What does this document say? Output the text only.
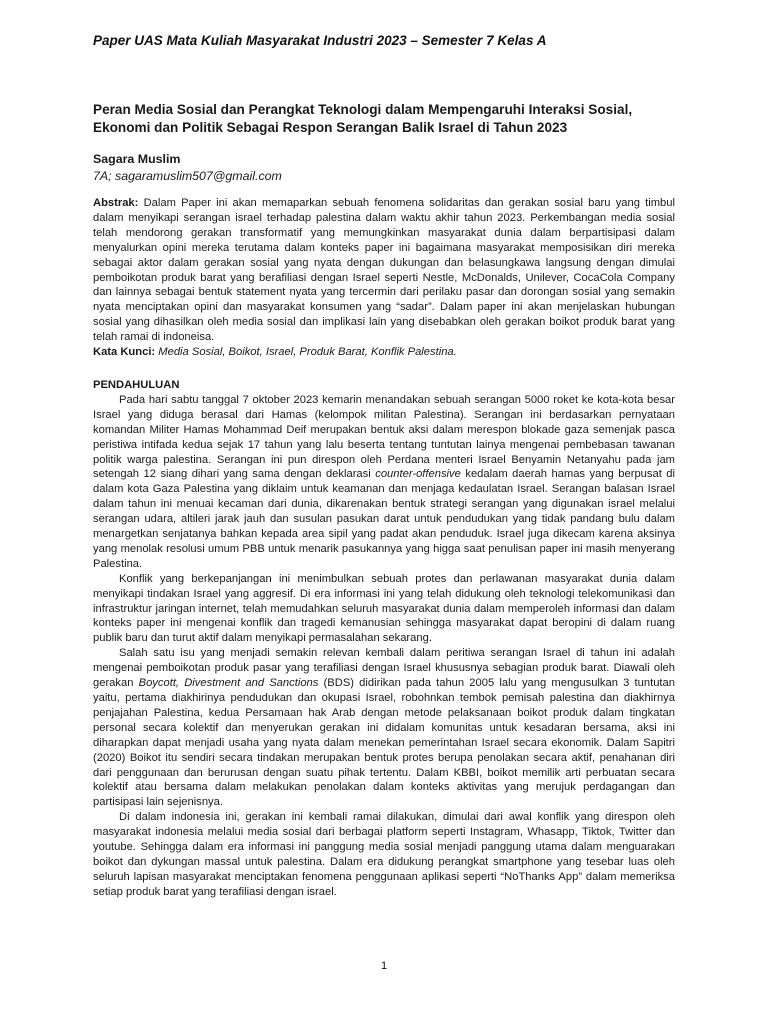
Paper UAS Mata Kuliah Masyarakat Industri 2023 – Semester 7 Kelas A
Peran Media Sosial dan Perangkat Teknologi dalam Mempengaruhi Interaksi Sosial,
Ekonomi dan Politik Sebagai Respon Serangan Balik Israel di Tahun 2023
Sagara Muslim
7A; sagaramuslim507@gmail.com

Abstrak: Dalam Paper ini akan memaparkan sebuah fenomena solidaritas dan gerakan sosial baru yang timbul dalam menyikapi serangan israel terhadap palestina dalam waktu akhir tahun 2023. Perkembangan media sosial telah mendorong gerakan transformatif yang memungkinkan masyarakat dunia dalam berpartisipasi dalam menyalurkan opini mereka terutama dalam konteks paper ini bagaimana masyarakat memposisikan diri mereka sebagai aktor dalam gerakan sosial yang nyata dengan dukungan dan belasungkawa langsung dengan dimulai pemboikotan produk barat yang berafiliasi dengan Israel seperti Nestle, McDonalds, Unilever, CocaCola Company dan lainnya sebagai bentuk statement nyata yang tercermin dari perilaku pasar dan dorongan sosial yang semakin nyata menciptakan opini dan masyarakat konsumen yang “sadar”. Dalam paper ini akan menjelaskan hubungan sosial yang dihasilkan oleh media sosial dan implikasi lain yang disebabkan oleh gerakan boikot produk barat yang telah ramai di indoneisa.

Kata Kunci: Media Sosial, Boikot, Israel, Produk Barat, Konflik Palestina.

PENDAHULUAN

Pada hari sabtu tanggal 7 oktober 2023 kemarin menandakan sebuah serangan 5000 roket ke kota-kota besar Israel yang diduga berasal dari Hamas (kelompok militan Palestina). Serangan ini berdasarkan pernyataan komandan Militer Hamas Mohammad Deif merupakan bentuk aksi dalam merespon blokade gaza semenjak pasca peristiwa intifada kedua sejak 17 tahun yang lalu beserta tentang tuntutan lainya mengenai pembebasan tawanan politik warga palestina. Serangan ini pun direspon oleh Perdana menteri Israel Benyamin Netanyahu pada jam setengah 12 siang dihari yang sama dengan deklarasi counter-offensive kedalam daerah hamas yang berpusat di dalam kota Gaza Palestina yang diklaim untuk keamanan dan menjaga kedaulatan Israel. Serangan balasan Israel dalam tahun ini menuai kecaman dari dunia, dikarenakan bentuk strategi serangan yang digunakan israel melalui serangan udara, altileri jarak jauh dan susulan pasukan darat untuk pendudukan yang tidak pandang bulu dalam menargetkan senjatanya bahkan kepada area sipil yang padat akan penduduk. Israel juga dikecam karena aksinya yang menolak resolusi umum PBB untuk menarik pasukannya yang higga saat penulisan paper ini masih menyerang Palestina.

Konflik yang berkepanjangan ini menimbulkan sebuah protes dan perlawanan masyarakat dunia dalam menyikapi tindakan Israel yang aggresif. Di era informasi ini yang telah didukung oleh teknologi telekomunikasi dan infrastruktur jaringan internet, telah memudahkan seluruh masyarakat dunia dalam memperoleh informasi dan dalam konteks paper ini mengenai konflik dan tragedi kemanusian sehingga masyarakat dapat beropini di dalam ruang publik baru dan turut aktif dalam menyikapi permasalahan sekarang.

Salah satu isu yang menjadi semakin relevan kembali dalam peritiwa serangan Israel di tahun ini adalah mengenai pemboikotan produk pasar yang terafiliasi dengan Israel khususnya sebagian produk barat. Diawali oleh gerakan Boycott, Divestment and Sanctions (BDS) didirikan pada tahun 2005 lalu yang mengusulkan 3 tuntutan yaitu, pertama diakhirinya pendudukan dan okupasi Israel, robohnkan tembok pemisah palestina dan diakhirnya penjajahan Palestina, kedua Persamaan hak Arab dengan metode pelaksanaan boikot produk dalam tingkatan personal secara kolektif dan menyerukan gerakan ini didalam komunitas untuk kesadaran bersama, aksi ini diharapkan dapat menjadi usaha yang nyata dalam menekan pemerintahan Israel secara ekonomik. Dalam Sapitri (2020) Boikot itu sendiri secara tindakan merupakan bentuk protes berupa penolakan secara aktif, penahanan diri dari penggunaan dan berurusan dengan suatu pihak tertentu. Dalam KBBI, boikot memilik arti perbuatan secara kolektif atau bersama dalam melakukan penolakan dalam konteks aktivitas yang merujuk perdagangan dan partisipasi lain sejenisnya.

Di dalam indonesia ini, gerakan ini kembali ramai dilakukan, dimulai dari awal konflik yang direspon oleh masyarakat indonesia melalui media sosial dari berbagai platform seperti Instagram, Whasapp, Tiktok, Twitter dan youtube. Sehingga dalam era informasi ini panggung media sosial menjadi panggung utama dalam menguarakan boikot dan dykungan massal untuk palestina. Dalam era didukung perangkat smartphone yang tesebar luas oleh seluruh lapisan masyarakat menciptakan fenomena penggunaan aplikasi seperti “NoThanks App” dalam memeriksa setiap produk barat yang terafiliasi dengan israel.

1
